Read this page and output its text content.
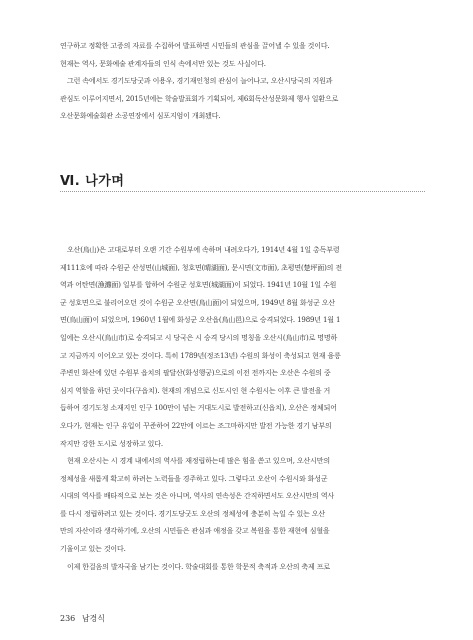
연구하고 정확한 고증의 자료를 수집하여 발표하면 시민들의 관심을 끌어낼 수 있을 것이다.
현재는 역사, 문화예술 관계자들의 인식 속에서만 있는 것도 사실이다.
그런 속에서도 경기도당굿과 이용우, 경기재인청의 관심이 늘어나고, 오산시당국의 지원과
관심도 이루어지면서, 2015년에는 학술발표회가 기획되어, 제6회독산성문화제 행사 일환으로
오산문화예술회관 소공연장에서 심포지엄이 개최됐다.
Ⅵ. 나가며
오산(烏山)은 고대로부터 오랜 기간 수원부에 속하며 내려오다가, 1914년 4월 1일 총독부령
제111호에 따라 수원군 산성면(山城面), 청호면(晴湖面), 문시면(文市面), 초평면(楚坪面)의 전
역과 어탄면(漁灘面) 일부를 합하여 수원군 성호면(城湖面)이 되었다. 1941년 10월 1일 수원
군 성호면으로 불리어오던 것이 수원군 오산면(烏山面)이 되었으며, 1949년 8월 화성군 오산
면(烏山面)이 되었으며, 1960년 1월에 화성군 오산읍(烏山邑)으로 승격되었다. 1989년 1월 1
일에는 오산시(烏山市)로 승격되고 시 당국은 시 승격 당시의 명칭을 오산시(烏山市)로 명명하
고 지금까지 이어오고 있는 것이다. 특히 1789년(정조13년) 수원의 화성이 축성되고 현재 융릉
주변인 화산에 있던 수원부 읍치의 팔달산(화성행궁)으로의 이전 전까지는 오산은 수원의 중
심지 역할을 하던 곳이다(구읍치). 현재의 개념으로 신도시인 현 수원시는 이후 큰 발전을 거
듭하여 경기도청 소재지인 인구 100만이 넘는 거대도시로 발전하고(신읍치), 오산은 정체되어
오다가, 현재는 인구 유입이 꾸준하여 22만에 이르는 조그마하지만 발전 가능한 경기 남부의
작지만 강한 도시로 성장하고 있다.
현재 오산시는 시 경계 내에서의 역사를 재정립하는데 많은 힘을 쏟고 있으며, 오산시만의
정체성을 새롭게 확고히 하려는 노력들을 경주하고 있다. 그렇다고 오산이 수원시와 화성군
시대의 역사를 배타적으로 보는 것은 아니며, 역사의 연속성은 간직하면서도 오산시만의 역사
를 다시 정립하려고 있는 것이다. 경기도당굿도 오산의 정체성에 충분히 녹일 수 있는 오산
만의 자산이라 생각하기에, 오산의 시민들은 관심과 애정을 갖고 복원을 통한 재현에 심혈을
기울이고 있는 것이다.
이제 한걸음의 발자국을 남기는 것이다. 학술대회를 통한 학문적 축적과 오산의 축제 프로
236 남경식
